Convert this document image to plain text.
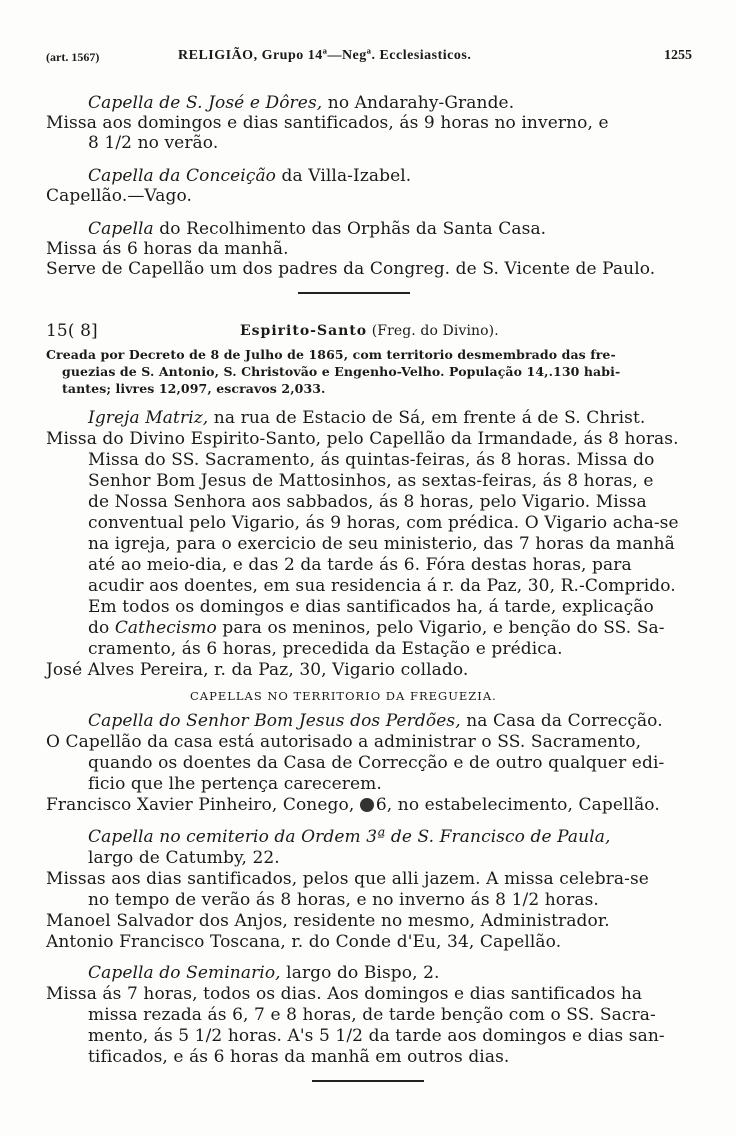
(art. 1567)	RELIGIÃO, Grupo 14ª—Negª. Ecclesiasticos.	1255
Capella de S. José e Dôres, no Andarahy-Grande.
Missa aos domingos e dias santificados, ás 9 horas no inverno, e
8 1/2 no verão.
Capella da Conceição da Villa-Izabel.
Capellão.—Vago.
Capella do Recolhimento das Orphãs da Santa Casa.
Missa ás 6 horas da manhã.
Serve de Capellão um dos padres da Congreg. de S. Vicente de Paulo.
15( 8]	Espirito-Santo (Freg. do Divino).
Creada por Decreto de 8 de Julho de 1865, com territorio desmembrado das fre-
guezias de S. Antonio, S. Christovão e Engenho-Velho. População 14,.130 habi-
tantes; livres 12,097, escravos 2,033.
Igreja Matriz, na rua de Estacio de Sá, em frente á de S. Christ.
Missa do Divino Espirito-Santo, pelo Capellão da Irmandade, ás 8 horas.
Missa do SS. Sacramento, ás quintas-feiras, ás 8 horas. Missa do
Senhor Bom Jesus de Mattosinhos, as sextas-feiras, ás 8 horas, e
de Nossa Senhora aos sabbados, ás 8 horas, pelo Vigario. Missa
conventual pelo Vigario, ás 9 horas, com prédica. O Vigario acha-se
na igreja, para o exercicio de seu ministerio, das 7 horas da manhã
até ao meio-dia, e das 2 da tarde ás 6. Fóra destas horas, para
acudir aos doentes, em sua residencia á r. da Paz, 30, R.-Comprido.
Em todos os domingos e dias santificados ha, á tarde, explicação
do Cathecismo para os meninos, pelo Vigario, e benção do SS. Sa-
cramento, ás 6 horas, precedida da Estação e prédica.
José Alves Pereira, r. da Paz, 30, Vigario collado.
CAPELLAS NO TERRITORIO DA FREGUEZIA.
Capella do Senhor Bom Jesus dos Perdões, na Casa da Correcção.
O Capellão da casa está autorisado a administrar o SS. Sacramento,
quando os doentes da Casa de Correcção e de outro qualquer edi-
ficio que lhe pertença carecerem.
Francisco Xavier Pinheiro, Conego, 6, no estabelecimento, Capellão.
Capella no cemiterio da Ordem 3ª de S. Francisco de Paula,
largo de Catumby, 22.
Missas aos dias santificados, pelos que alli jazem. A missa celebra-se
no tempo de verão ás 8 horas, e no inverno ás 8 1/2 horas.
Manoel Salvador dos Anjos, residente no mesmo, Administrador.
Antonio Francisco Toscana, r. do Conde d'Eu, 34, Capellão.
Capella do Seminario, largo do Bispo, 2.
Missa ás 7 horas, todos os dias. Aos domingos e dias santificados ha
missa rezada ás 6, 7 e 8 horas, de tarde benção com o SS. Sacra-
mento, ás 5 1/2 horas. A's 5 1/2 da tarde aos domingos e dias san-
tificados, e ás 6 horas da manhã em outros dias.
